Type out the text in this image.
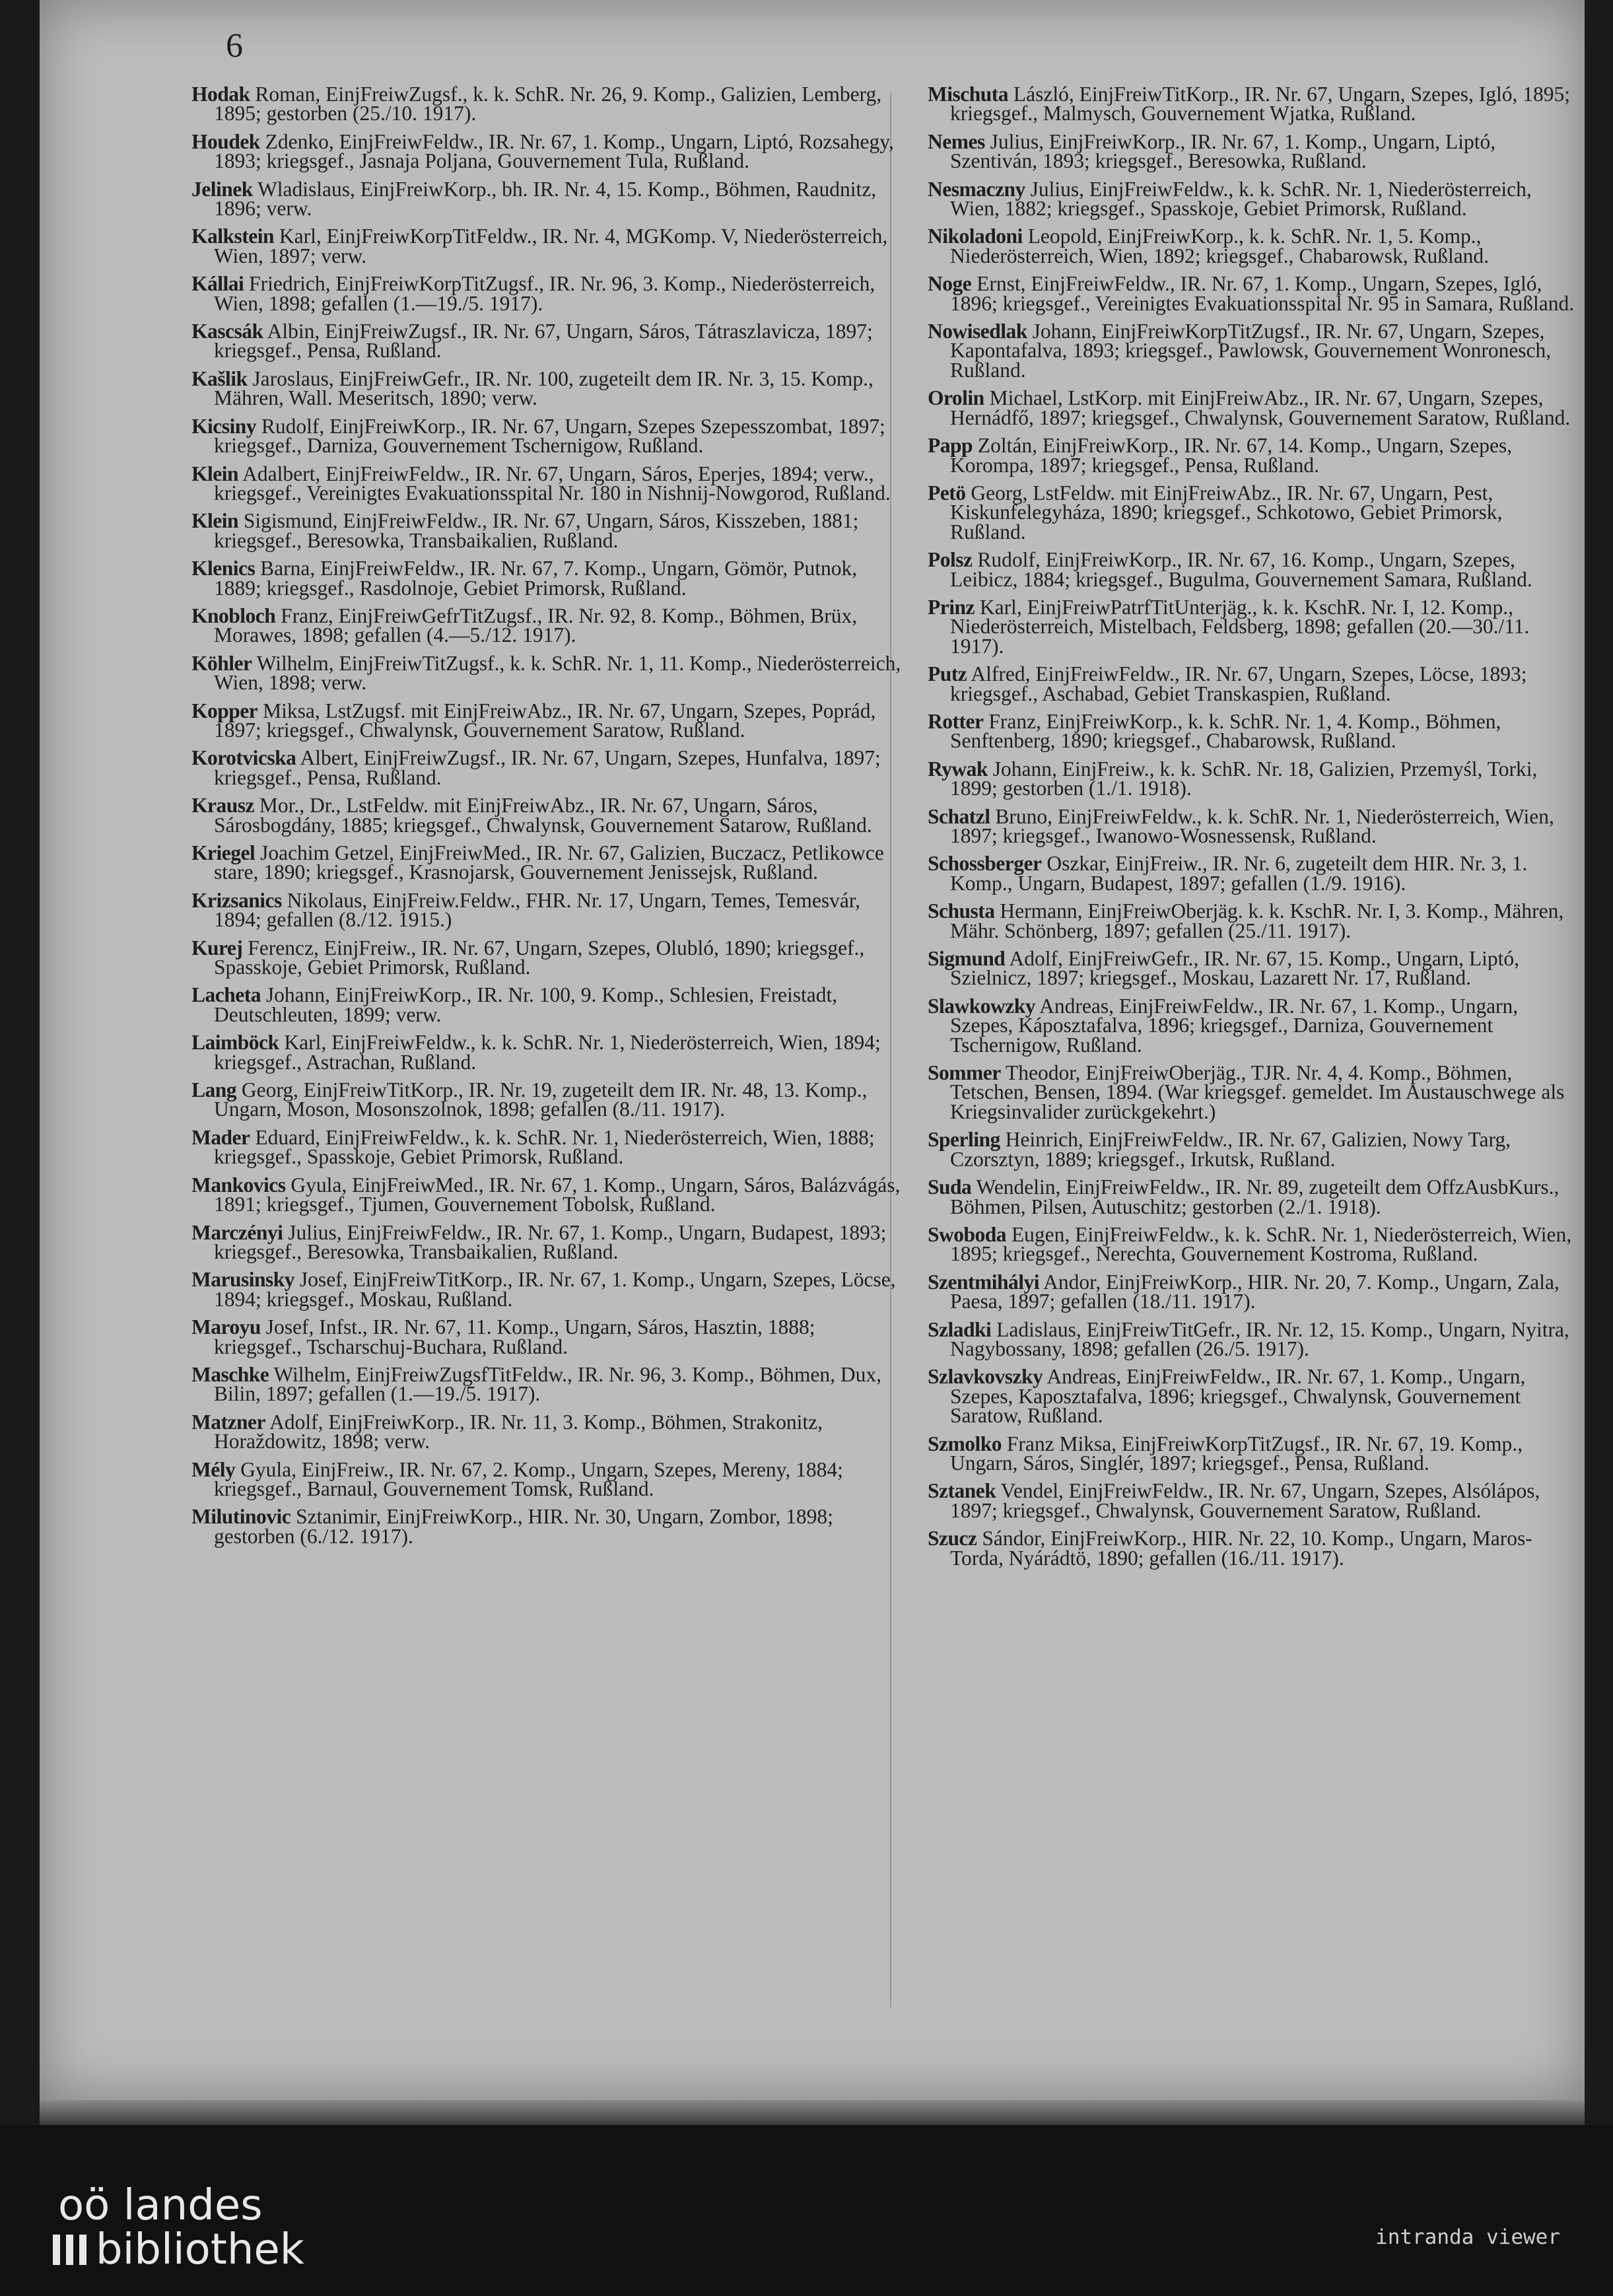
6
Hodak Roman, EinjFreiwZugsf., k. k. SchR. Nr. 26, 9. Komp., Galizien, Lemberg, 1895; gestorben (25./10. 1917).
Houdek Zdenko, EinjFreiwFeldw., IR. Nr. 67, 1. Komp., Ungarn, Liptó, Rozsahegy, 1893; kriegsgef., Jasnaja Poljana, Gouvernement Tula, Rußland.
Jelinek Wladislaus, EinjFreiwKorp., bh. IR. Nr. 4, 15. Komp., Böhmen, Raudnitz, 1896; verw.
Kalkstein Karl, EinjFreiwKorpTitFeldw., IR. Nr. 4, MGKomp. V, Niederösterreich, Wien, 1897; verw.
Kállai Friedrich, EinjFreiwKorpTitZugsf., IR. Nr. 96, 3. Komp., Niederösterreich, Wien, 1898; gefallen (1.—19./5. 1917).
Kascsák Albin, EinjFreiwZugsf., IR. Nr. 67, Ungarn, Sáros, Tátraszlavicza, 1897; kriegsgef., Pensa, Rußland.
Kašlik Jaroslaus, EinjFreiwGefr., IR. Nr. 100, zugeteilt dem IR. Nr. 3, 15. Komp., Mähren, Wall. Meseritsch, 1890; verw.
Kicsiny Rudolf, EinjFreiwKorp., IR. Nr. 67, Ungarn, Szepes Szepesszombat, 1897; kriegsgef., Darniza, Gouvernement Tschernigow, Rußland.
Klein Adalbert, EinjFreiwFeldw., IR. Nr. 67, Ungarn, Sáros, Eperjes, 1894; verw., kriegsgef., Vereinigtes Evakuationsspital Nr. 180 in Nishnij-Nowgorod, Rußland.
Klein Sigismund, EinjFreiwFeldw., IR. Nr. 67, Ungarn, Sáros, Kisszeben, 1881; kriegsgef., Beresowka, Transbaikalien, Rußland.
Klenics Barna, EinjFreiwFeldw., IR. Nr. 67, 7. Komp., Ungarn, Gömör, Putnok, 1889; kriegsgef., Rasdolnoje, Gebiet Primorsk, Rußland.
Knobloch Franz, EinjFreiwGefrTitZugsf., IR. Nr. 92, 8. Komp., Böhmen, Brüx, Morawes, 1898; gefallen (4.—5./12. 1917).
Köhler Wilhelm, EinjFreiwTitZugsf., k. k. SchR. Nr. 1, 11. Komp., Niederösterreich, Wien, 1898; verw.
Kopper Miksa, LstZugsf. mit EinjFreiwAbz., IR. Nr. 67, Ungarn, Szepes, Poprád, 1897; kriegsgef., Chwalynsk, Gouvernement Saratow, Rußland.
Korotvicska Albert, EinjFreiwZugsf., IR. Nr. 67, Ungarn, Szepes, Hunfalva, 1897; kriegsgef., Pensa, Rußland.
Krausz Mor., Dr., LstFeldw. mit EinjFreiwAbz., IR. Nr. 67, Ungarn, Sáros, Sárosbogdány, 1885; kriegsgef., Chwalynsk, Gouvernement Satarow, Rußland.
Kriegel Joachim Getzel, EinjFreiwMed., IR. Nr. 67, Galizien, Buczacz, Petlikowce stare, 1890; kriegsgef., Krasnojarsk, Gouvernement Jenissejsk, Rußland.
Krizsanics Nikolaus, EinjFreiw.Feldw., FHR. Nr. 17, Ungarn, Temes, Temesvár, 1894; gefallen (8./12. 1915.)
Kurej Ferencz, EinjFreiw., IR. Nr. 67, Ungarn, Szepes, Olubló, 1890; kriegsgef., Spasskoje, Gebiet Primorsk, Rußland.
Lacheta Johann, EinjFreiwKorp., IR. Nr. 100, 9. Komp., Schlesien, Freistadt, Deutschleuten, 1899; verw.
Laimböck Karl, EinjFreiwFeldw., k. k. SchR. Nr. 1, Niederösterreich, Wien, 1894; kriegsgef., Astrachan, Rußland.
Lang Georg, EinjFreiwTitKorp., IR. Nr. 19, zugeteilt dem IR. Nr. 48, 13. Komp., Ungarn, Moson, Mosonszolnok, 1898; gefallen (8./11. 1917).
Mader Eduard, EinjFreiwFeldw., k. k. SchR. Nr. 1, Niederösterreich, Wien, 1888; kriegsgef., Spasskoje, Gebiet Primorsk, Rußland.
Mankovics Gyula, EinjFreiwMed., IR. Nr. 67, 1. Komp., Ungarn, Sáros, Balázvágás, 1891; kriegsgef., Tjumen, Gouvernement Tobolsk, Rußland.
Marczényi Julius, EinjFreiwFeldw., IR. Nr. 67, 1. Komp., Ungarn, Budapest, 1893; kriegsgef., Beresowka, Transbaikalien, Rußland.
Marusinsky Josef, EinjFreiwTitKorp., IR. Nr. 67, 1. Komp., Ungarn, Szepes, Löcse, 1894; kriegsgef., Moskau, Rußland.
Maroyu Josef, Infst., IR. Nr. 67, 11. Komp., Ungarn, Sáros, Hasztin, 1888; kriegsgef., Tscharschuj-Buchara, Rußland.
Maschke Wilhelm, EinjFreiwZugsfTitFeldw., IR. Nr. 96, 3. Komp., Böhmen, Dux, Bilin, 1897; gefallen (1.—19./5. 1917).
Matzner Adolf, EinjFreiwKorp., IR. Nr. 11, 3. Komp., Böhmen, Strakonitz, Horaždowitz, 1898; verw.
Mély Gyula, EinjFreiw., IR. Nr. 67, 2. Komp., Ungarn, Szepes, Mereny, 1884; kriegsgef., Barnaul, Gouvernement Tomsk, Rußland.
Milutinovic Sztanimir, EinjFreiwKorp., HIR. Nr. 30, Ungarn, Zombor, 1898; gestorben (6./12. 1917).
Mischuta László, EinjFreiwTitKorp., IR. Nr. 67, Ungarn, Szepes, Igló, 1895; kriegsgef., Malmysch, Gouvernement Wjatka, Rußland.
Nemes Julius, EinjFreiwKorp., IR. Nr. 67, 1. Komp., Ungarn, Liptó, Szentiván, 1893; kriegsgef., Beresowka, Rußland.
Nesmaczny Julius, EinjFreiwFeldw., k. k. SchR. Nr. 1, Niederösterreich, Wien, 1882; kriegsgef., Spasskoje, Gebiet Primorsk, Rußland.
Nikoladoni Leopold, EinjFreiwKorp., k. k. SchR. Nr. 1, 5. Komp., Niederösterreich, Wien, 1892; kriegsgef., Chabarowsk, Rußland.
Noge Ernst, EinjFreiwFeldw., IR. Nr. 67, 1. Komp., Ungarn, Szepes, Igló, 1896; kriegsgef., Vereinigtes Evakuationsspital Nr. 95 in Samara, Rußland.
Nowisedlak Johann, EinjFreiwKorpTitZugsf., IR. Nr. 67, Ungarn, Szepes, Kapontafalva, 1893; kriegsgef., Pawlowsk, Gouvernement Wonronesch, Rußland.
Orolin Michael, LstKorp. mit EinjFreiwAbz., IR. Nr. 67, Ungarn, Szepes, Hernádfő, 1897; kriegsgef., Chwalynsk, Gouvernement Saratow, Rußland.
Papp Zoltán, EinjFreiwKorp., IR. Nr. 67, 14. Komp., Ungarn, Szepes, Korompa, 1897; kriegsgef., Pensa, Rußland.
Petö Georg, LstFeldw. mit EinjFreiwAbz., IR. Nr. 67, Ungarn, Pest, Kiskunfelegyháza, 1890; kriegsgef., Schkotowo, Gebiet Primorsk, Rußland.
Polsz Rudolf, EinjFreiwKorp., IR. Nr. 67, 16. Komp., Ungarn, Szepes, Leibicz, 1884; kriegsgef., Bugulma, Gouvernement Samara, Rußland.
Prinz Karl, EinjFreiwPatrfTitUnterjäg., k. k. KschR. Nr. I, 12. Komp., Niederösterreich, Mistelbach, Feldsberg, 1898; gefallen (20.—30./11. 1917).
Putz Alfred, EinjFreiwFeldw., IR. Nr. 67, Ungarn, Szepes, Löcse, 1893; kriegsgef., Aschabad, Gebiet Transkaspien, Rußland.
Rotter Franz, EinjFreiwKorp., k. k. SchR. Nr. 1, 4. Komp., Böhmen, Senftenberg, 1890; kriegsgef., Chabarowsk, Rußland.
Rywak Johann, EinjFreiw., k. k. SchR. Nr. 18, Galizien, Przemyśl, Torki, 1899; gestorben (1./1. 1918).
Schatzl Bruno, EinjFreiwFeldw., k. k. SchR. Nr. 1, Niederösterreich, Wien, 1897; kriegsgef., Iwanowo-Wosnessensk, Rußland.
Schossberger Oszkar, EinjFreiw., IR. Nr. 6, zugeteilt dem HIR. Nr. 3, 1. Komp., Ungarn, Budapest, 1897; gefallen (1./9. 1916).
Schusta Hermann, EinjFreiwOberjäg. k. k. KschR. Nr. I, 3. Komp., Mähren, Mähr. Schönberg, 1897; gefallen (25./11. 1917).
Sigmund Adolf, EinjFreiwGefr., IR. Nr. 67, 15. Komp., Ungarn, Liptó, Szielnicz, 1897; kriegsgef., Moskau, Lazarett Nr. 17, Rußland.
Slawkowzky Andreas, EinjFreiwFeldw., IR. Nr. 67, 1. Komp., Ungarn, Szepes, Káposztafalva, 1896; kriegsgef., Darniza, Gouvernement Tschernigow, Rußland.
Sommer Theodor, EinjFreiwOberjäg., TJR. Nr. 4, 4. Komp., Böhmen, Tetschen, Bensen, 1894. (War kriegsgef. gemeldet. Im Austauschwege als Kriegsinvalider zurückgekehrt.)
Sperling Heinrich, EinjFreiwFeldw., IR. Nr. 67, Galizien, Nowy Targ, Czorsztyn, 1889; kriegsgef., Irkutsk, Rußland.
Suda Wendelin, EinjFreiwFeldw., IR. Nr. 89, zugeteilt dem OffzAusbKurs., Böhmen, Pilsen, Autuschitz; gestorben (2./1. 1918).
Swoboda Eugen, EinjFreiwFeldw., k. k. SchR. Nr. 1, Niederösterreich, Wien, 1895; kriegsgef., Nerechta, Gouvernement Kostroma, Rußland.
Szentmihályi Andor, EinjFreiwKorp., HIR. Nr. 20, 7. Komp., Ungarn, Zala, Paesa, 1897; gefallen (18./11. 1917).
Szladki Ladislaus, EinjFreiwTitGefr., IR. Nr. 12, 15. Komp., Ungarn, Nyitra, Nagybossany, 1898; gefallen (26./5. 1917).
Szlavkovszky Andreas, EinjFreiwFeldw., IR. Nr. 67, 1. Komp., Ungarn, Szepes, Kaposztafalva, 1896; kriegsgef., Chwalynsk, Gouvernement Saratow, Rußland.
Szmolko Franz Miksa, EinjFreiwKorpTitZugsf., IR. Nr. 67, 19. Komp., Ungarn, Sáros, Singlér, 1897; kriegsgef., Pensa, Rußland.
Sztanek Vendel, EinjFreiwFeldw., IR. Nr. 67, Ungarn, Szepes, Alsólápos, 1897; kriegsgef., Chwalynsk, Gouvernement Saratow, Rußland.
Szucz Sándor, EinjFreiwKorp., HIR. Nr. 22, 10. Komp., Ungarn, Maros-Torda, Nyárádtö, 1890; gefallen (16./11. 1917).
oö landes
bibliothek	intranda viewer
